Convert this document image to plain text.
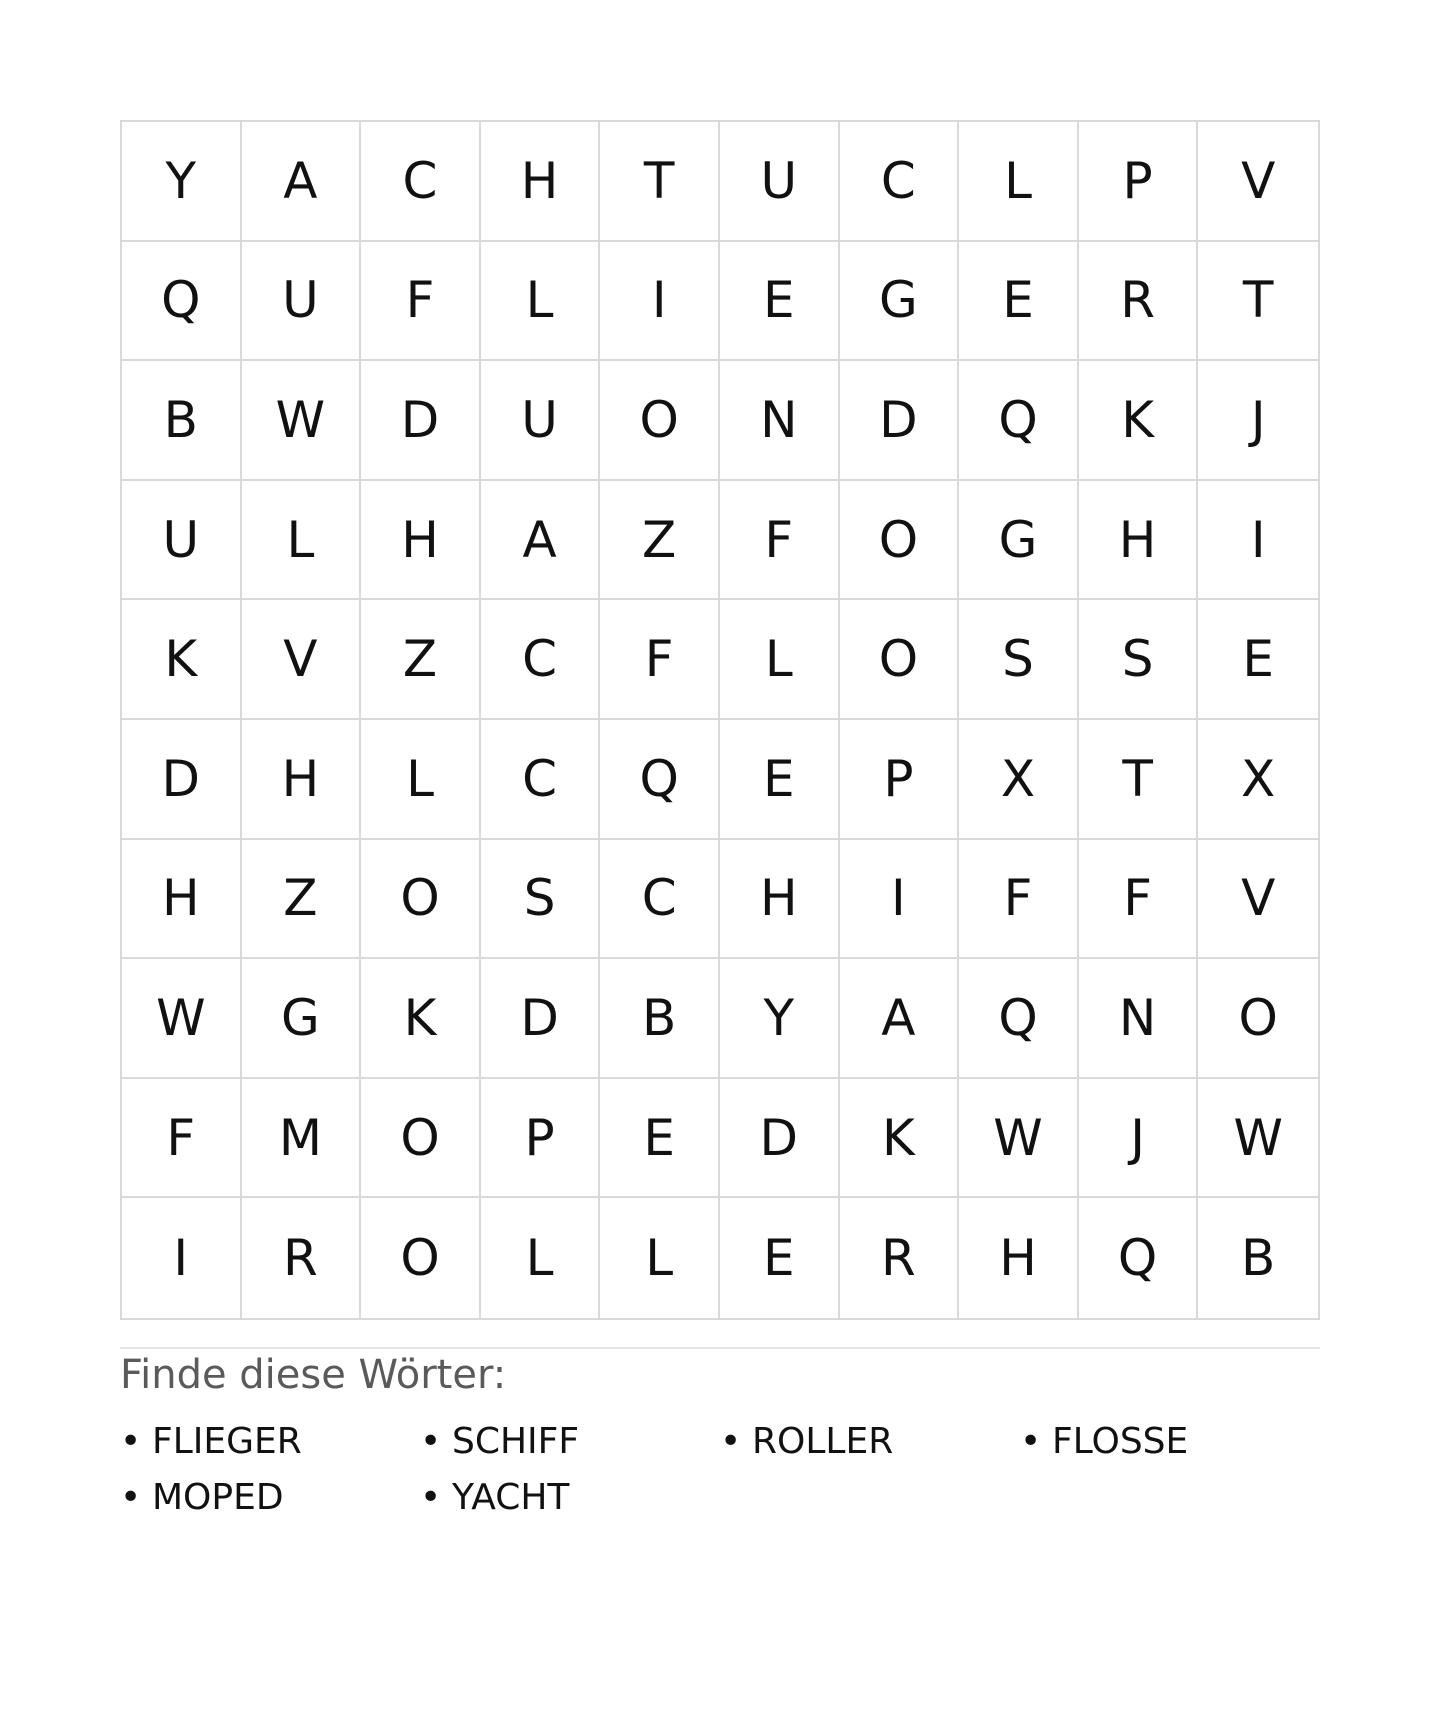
Y	A	C	H	T	U	C	L	P	V
Q	U	F	L	I	E	G	E	R	T
B	W	D	U	O	N	D	Q	K	J
U	L	H	A	Z	F	O	G	H	I
K	V	Z	C	F	L	O	S	S	E
D	H	L	C	Q	E	P	X	T	X
H	Z	O	S	C	H	I	F	F	V
W	G	K	D	B	Y	A	Q	N	O
F	M	O	P	E	D	K	W	J	W
I	R	O	L	L	E	R	H	Q	B
Finde diese Wörter:
• FLIEGER	• SCHIFF	• ROLLER	• FLOSSE
• MOPED	• YACHT
